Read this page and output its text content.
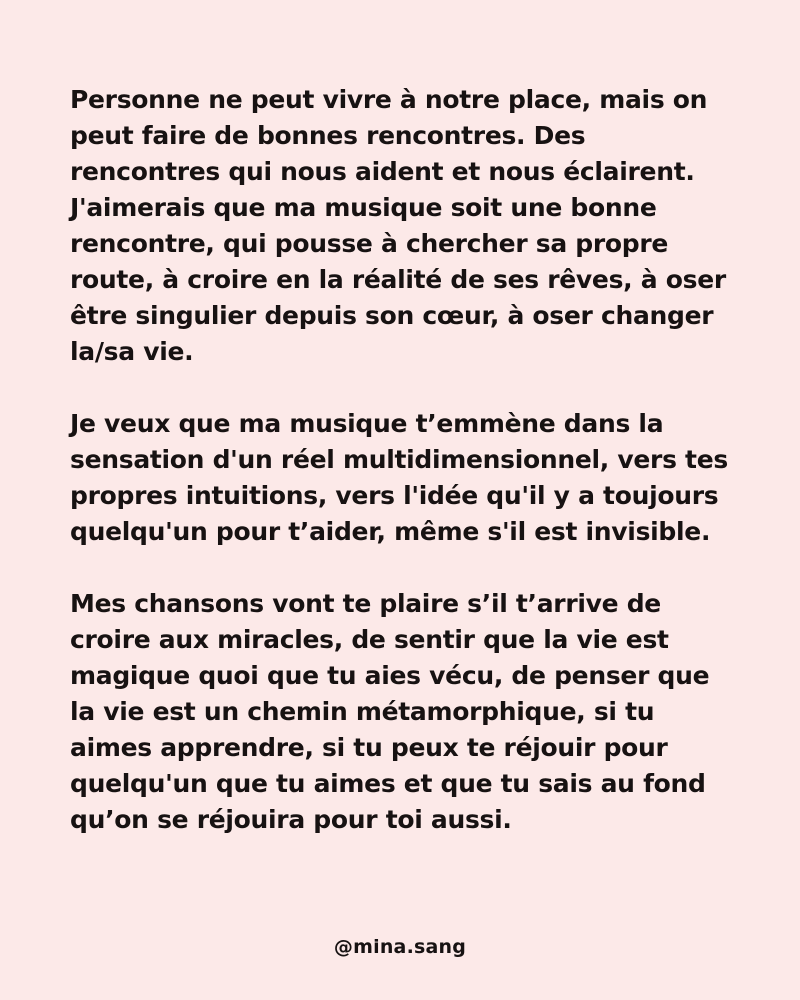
Personne ne peut vivre à notre place, mais on
peut faire de bonnes rencontres. Des
rencontres qui nous aident et nous éclairent.
J'aimerais que ma musique soit une bonne
rencontre, qui pousse à chercher sa propre
route, à croire en la réalité de ses rêves, à oser
être singulier depuis son cœur, à oser changer
la/sa vie.

Je veux que ma musique t’emmène dans la
sensation d'un réel multidimensionnel, vers tes
propres intuitions, vers l'idée qu'il y a toujours
quelqu'un pour t’aider, même s'il est invisible.

Mes chansons vont te plaire s’il t’arrive de
croire aux miracles, de sentir que la vie est
magique quoi que tu aies vécu, de penser que
la vie est un chemin métamorphique, si tu
aimes apprendre, si tu peux te réjouir pour
quelqu'un que tu aimes et que tu sais au fond
qu’on se réjouira pour toi aussi.

@mina.sang
